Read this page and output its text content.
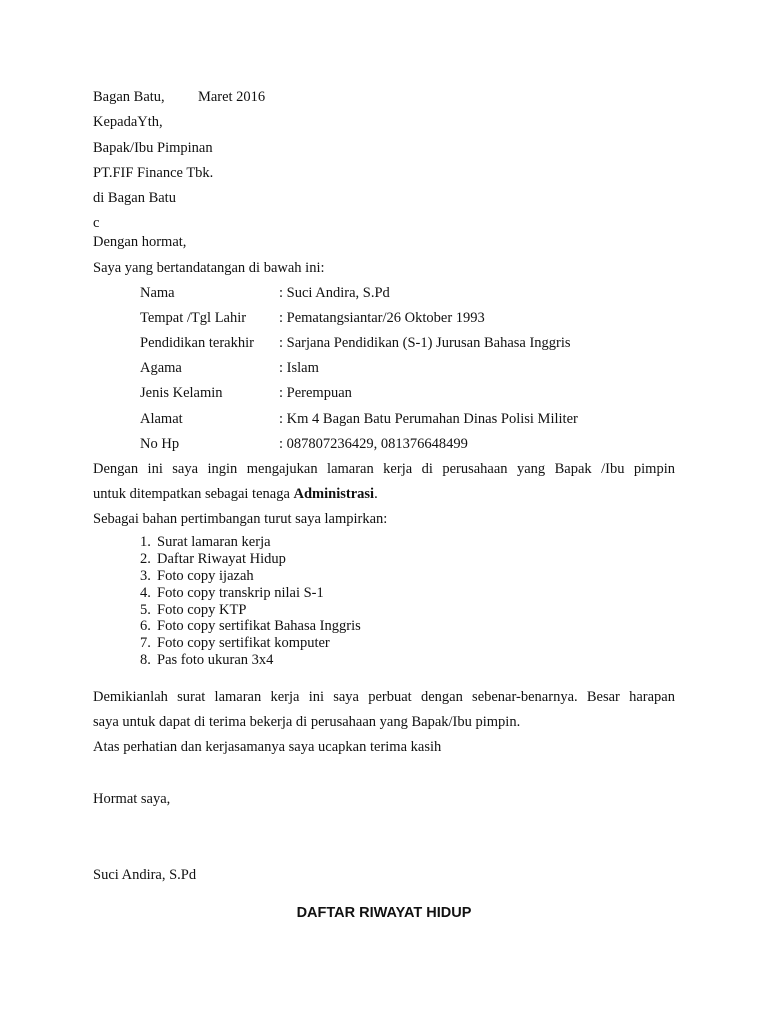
Bagan Batu, Maret 2016
KepadaYth,
Bapak/Ibu Pimpinan
PT.FIF Finance Tbk.
di Bagan Batu
c
Dengan hormat,
Saya yang bertandatangan di bawah ini:
Nama	: Suci Andira, S.Pd
Tempat /Tgl Lahir : Pematangsiantar/26 Oktober 1993
Pendidikan terakhir : Sarjana Pendidikan (S-1) Jurusan Bahasa Inggris
Agama	: Islam
Jenis Kelamin	: Perempuan
Alamat	: Km 4 Bagan Batu Perumahan Dinas Polisi Militer
No Hp	: 087807236429, 081376648499
Dengan ini saya ingin mengajukan lamaran kerja di perusahaan yang Bapak /Ibu pimpin
untuk ditempatkan sebagai tenaga Administrasi.
Sebagai bahan pertimbangan turut saya lampirkan:
1. Surat lamaran kerja
2. Daftar Riwayat Hidup
3. Foto copy ijazah
4. Foto copy transkrip nilai S-1
5. Foto copy KTP
6. Foto copy sertifikat Bahasa Inggris
7. Foto copy sertifikat komputer
8. Pas foto ukuran 3x4
Demikianlah surat lamaran kerja ini saya perbuat dengan sebenar-benarnya. Besar harapan
saya untuk dapat di terima bekerja di perusahaan yang Bapak/Ibu pimpin.
Atas perhatian dan kerjasamanya saya ucapkan terima kasih
Hormat saya,
Suci Andira, S.Pd
DAFTAR RIWAYAT HIDUP
